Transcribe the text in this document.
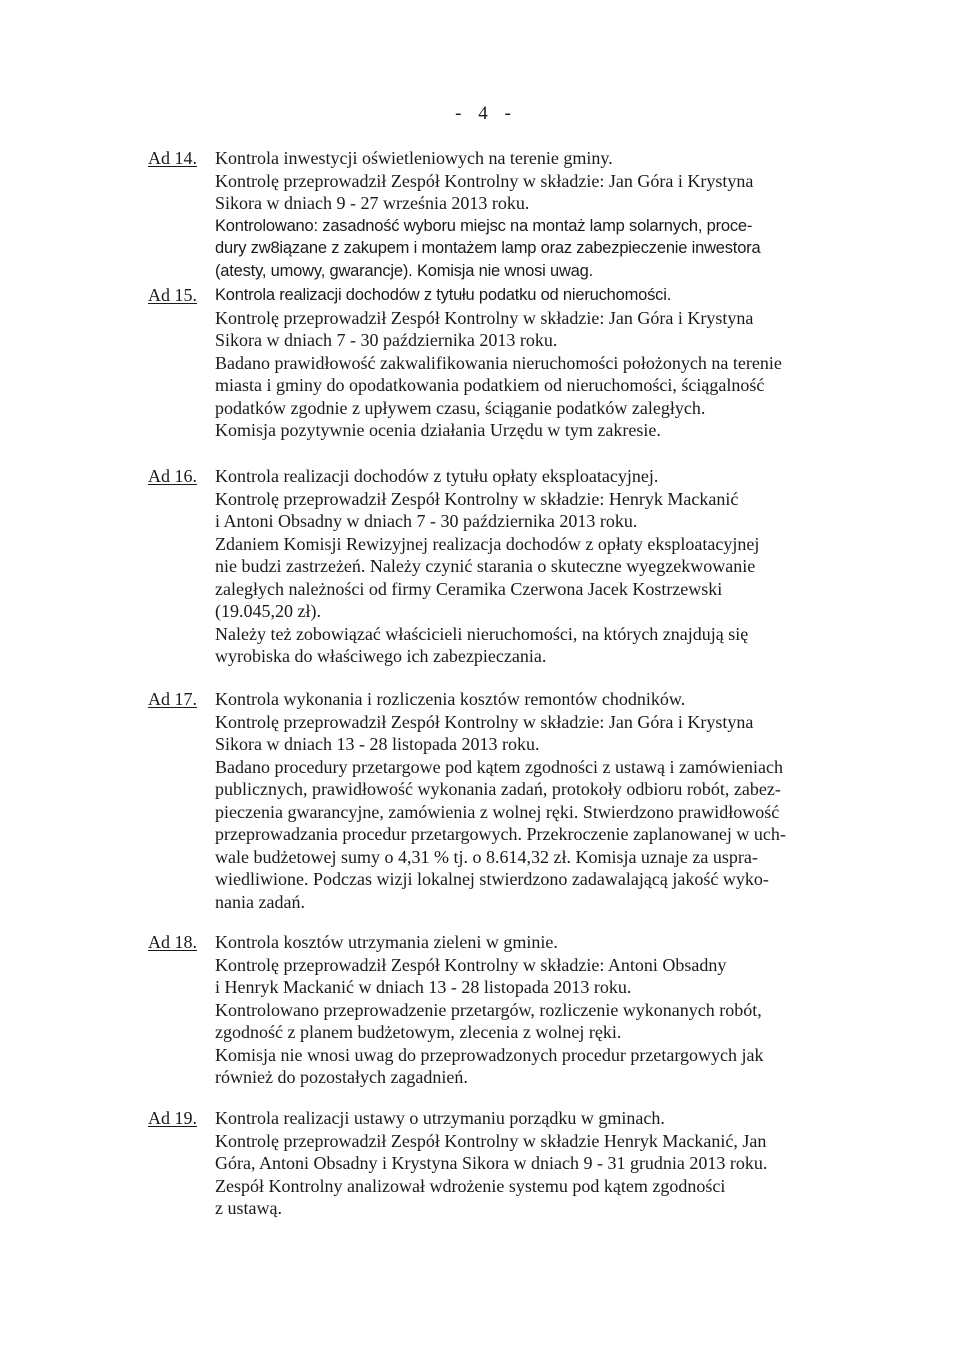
- 4 -
Ad 14. Kontrola inwestycji oświetleniowych na terenie gminy.
Kontrolę przeprowadził Zespół Kontrolny w składzie: Jan Góra i Krystyna
Sikora w dniach 9 - 27 września 2013 roku.
Kontrolowano: zasadność wyboru miejsc na montaż lamp solarnych, proce-
dury zw8iązane z zakupem i montażem lamp oraz zabezpieczenie inwestora
(atesty, umowy, gwarancje). Komisja nie wnosi uwag.
Ad 15. Kontrola realizacji dochodów z tytułu podatku od nieruchomości.
Kontrolę przeprowadził Zespół Kontrolny w składzie: Jan Góra i Krystyna
Sikora w dniach 7 - 30 października 2013 roku.
Badano prawidłowość zakwalifikowania nieruchomości położonych na terenie
miasta i gminy do opodatkowania podatkiem od nieruchomości, ściągalność
podatków zgodnie z upływem czasu, ściąganie podatków zaległych.
Komisja pozytywnie ocenia działania Urzędu w tym zakresie.
Ad 16. Kontrola realizacji dochodów z tytułu opłaty eksploatacyjnej.
Kontrolę przeprowadził Zespół Kontrolny w składzie: Henryk Mackanić
i Antoni Obsadny w dniach 7 - 30 października 2013 roku.
Zdaniem Komisji Rewizyjnej realizacja dochodów z opłaty eksploatacyjnej
nie budzi zastrzeżeń. Należy czynić starania o skuteczne wyegzekwowanie
zaległych należności od firmy Ceramika Czerwona Jacek Kostrzewski
(19.045,20 zł).
Należy też zobowiązać właścicieli nieruchomości, na których znajdują się
wyrobiska do właściwego ich zabezpieczania.
Ad 17. Kontrola wykonania i rozliczenia kosztów remontów chodników.
Kontrolę przeprowadził Zespół Kontrolny w składzie: Jan Góra i Krystyna
Sikora w dniach 13 - 28 listopada 2013 roku.
Badano procedury przetargowe pod kątem zgodności z ustawą i zamówieniach
publicznych, prawidłowość wykonania zadań, protokoły odbioru robót, zabez-
pieczenia gwarancyjne, zamówienia z wolnej ręki. Stwierdzono prawidłowość
przeprowadzania procedur przetargowych. Przekroczenie zaplanowanej w uch-
wale budżetowej sumy o 4,31 % tj. o 8.614,32 zł. Komisja uznaje za uspra-
wiedliwione. Podczas wizji lokalnej stwierdzono zadawalającą jakość wyko-
nania zadań.
Ad 18. Kontrola kosztów utrzymania zieleni w gminie.
Kontrolę przeprowadził Zespół Kontrolny w składzie: Antoni Obsadny
i Henryk Mackanić w dniach 13 - 28 listopada 2013 roku.
Kontrolowano przeprowadzenie przetargów, rozliczenie wykonanych robót,
zgodność z planem budżetowym, zlecenia z wolnej ręki.
Komisja nie wnosi uwag do przeprowadzonych procedur przetargowych jak
również do pozostałych zagadnień.
Ad 19. Kontrola realizacji ustawy o utrzymaniu porządku w gminach.
Kontrolę przeprowadził Zespół Kontrolny w składzie Henryk Mackanić, Jan
Góra, Antoni Obsadny i Krystyna Sikora w dniach 9 - 31 grudnia 2013 roku.
Zespół Kontrolny analizował wdrożenie systemu pod kątem zgodności
z ustawą.
